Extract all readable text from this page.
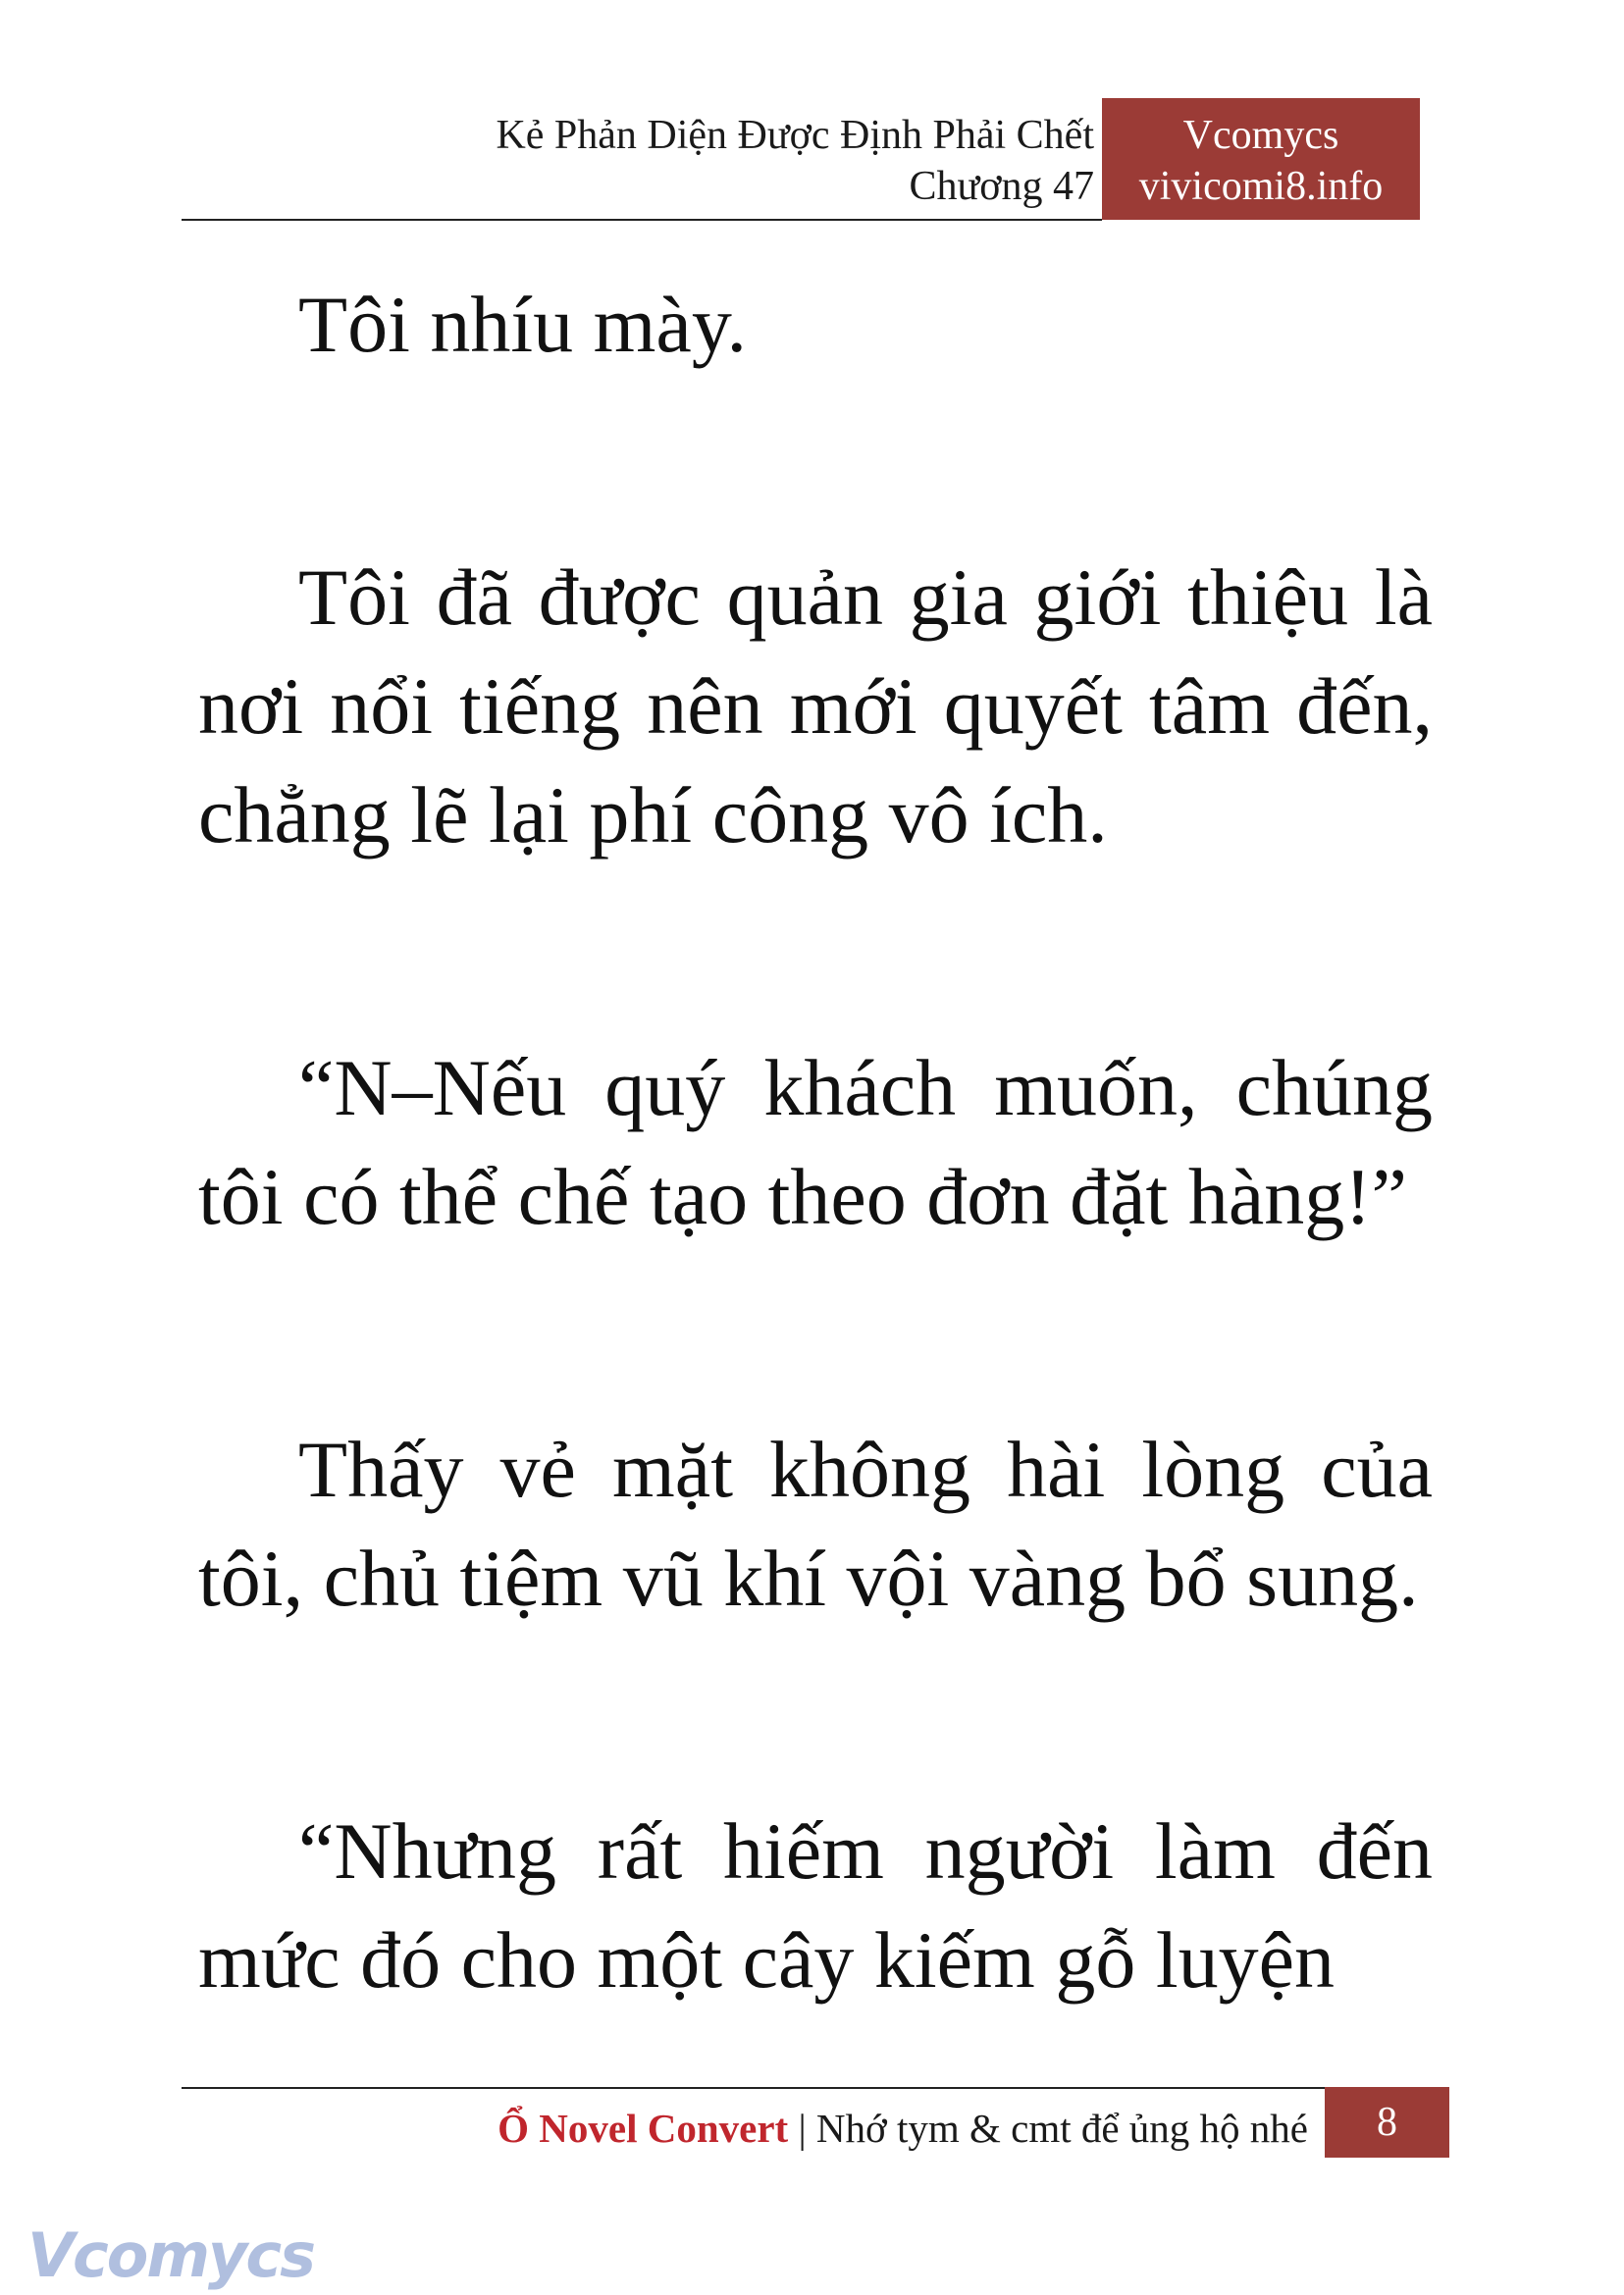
Kẻ Phản Diện Được Định Phải Chết
Chương 47
Vcomycs
vivicomi8.info

Tôi nhíu mày.

Tôi đã được quản gia giới thiệu là nơi nổi tiếng nên mới quyết tâm đến, chẳng lẽ lại phí công vô ích.

“N–Nếu quý khách muốn, chúng tôi có thể chế tạo theo đơn đặt hàng!”

Thấy vẻ mặt không hài lòng của tôi, chủ tiệm vũ khí vội vàng bổ sung.

“Nhưng rất hiếm người làm đến mức đó cho một cây kiếm gỗ luyện

Ổ Novel Convert | Nhớ tym & cmt để ủng hộ nhé	8
Vcomycs
